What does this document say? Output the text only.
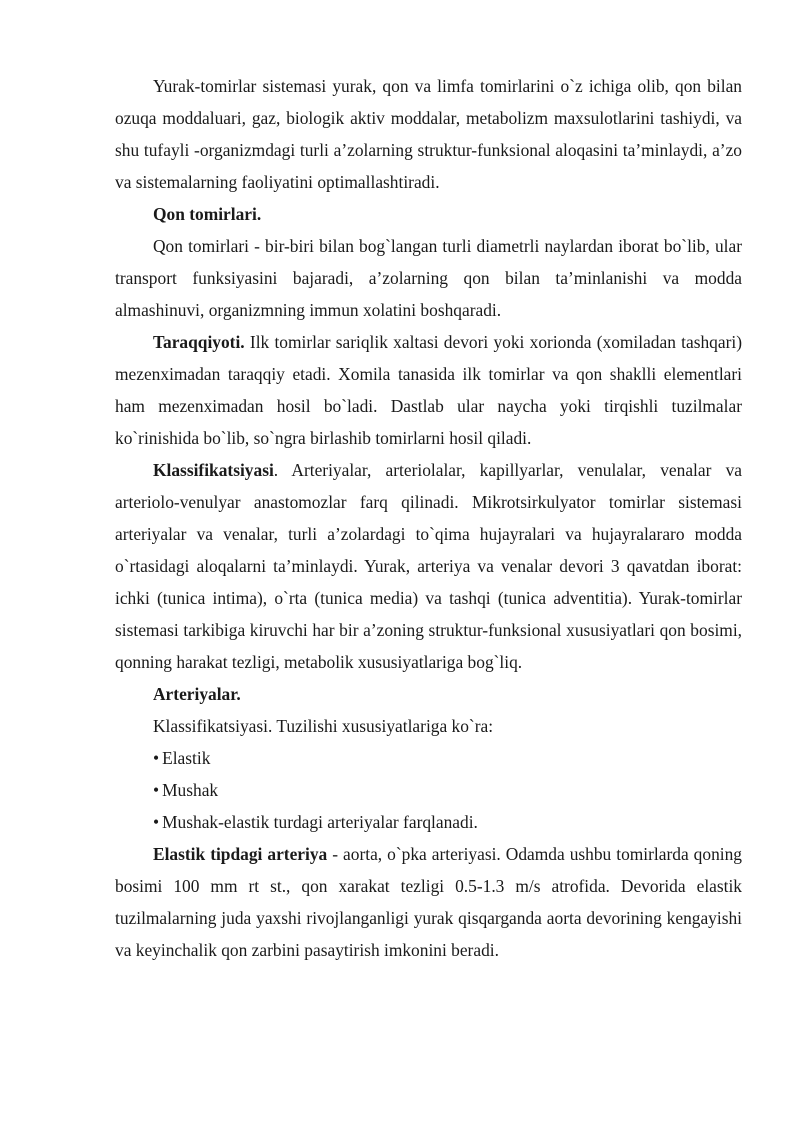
Yurak-tomirlar sistemasi yurak, qon va limfa tomirlarini o`z ichiga olib, qon bilan ozuqa moddaluari, gaz, biologik aktiv moddalar, metabolizm maxsulotlarini tashiydi, va shu tufayli -organizmdagi turli a’zolarning struktur-funksional aloqasini ta’minlaydi, a’zo va sistemalarning faoliyatini optimallashtiradi.

Qon tomirlari.

Qon tomirlari - bir-biri bilan bog`langan turli diametrli naylardan iborat bo`lib, ular transport funksiyasini bajaradi, a’zolarning qon bilan ta’minlanishi va modda almashinuvi, organizmning immun xolatini boshqaradi.

Taraqqiyoti. Ilk tomirlar sariqlik xaltasi devori yoki xorionda (xomiladan tashqari) mezenximadan taraqqiy etadi. Xomila tanasida ilk tomirlar va qon shaklli elementlari ham mezenximadan hosil bo`ladi. Dastlab ular naycha yoki tirqishli tuzilmalar ko`rinishida bo`lib, so`ngra birlashib tomirlarni hosil qiladi.

Klassifikatsiyasi. Arteriyalar, arteriolalar, kapillyarlar, venulalar, venalar va arteriolo-venulyar anastomozlar farq qilinadi. Mikrotsirkulyator tomirlar sistemasi arteriyalar va venalar, turli a’zolardagi to`qima hujayralari va hujayralararo modda o`rtasidagi aloqalarni ta’minlaydi. Yurak, arteriya va venalar devori 3 qavatdan iborat: ichki (tunica intima), o`rta (tunica media) va tashqi (tunica adventitia). Yurak-tomirlar sistemasi tarkibiga kiruvchi har bir a’zoning struktur-funksional xususiyatlari qon bosimi, qonning harakat tezligi, metabolik xususiyatlariga bog`liq.

Arteriyalar.

Klassifikatsiyasi. Tuzilishi xususiyatlariga ko`ra:

• Elastik
• Mushak
• Mushak-elastik turdagi arteriyalar farqlanadi.

Elastik tipdagi arteriya - aorta, o`pka arteriyasi. Odamda ushbu tomirlarda qoning bosimi 100 mm rt st., qon xarakat tezligi 0.5-1.3 m/s atrofida. Devorida elastik tuzilmalarning juda yaxshi rivojlanganligi yurak qisqarganda aorta devorining kengayishi va keyinchalik qon zarbini pasaytirish imkonini beradi.
